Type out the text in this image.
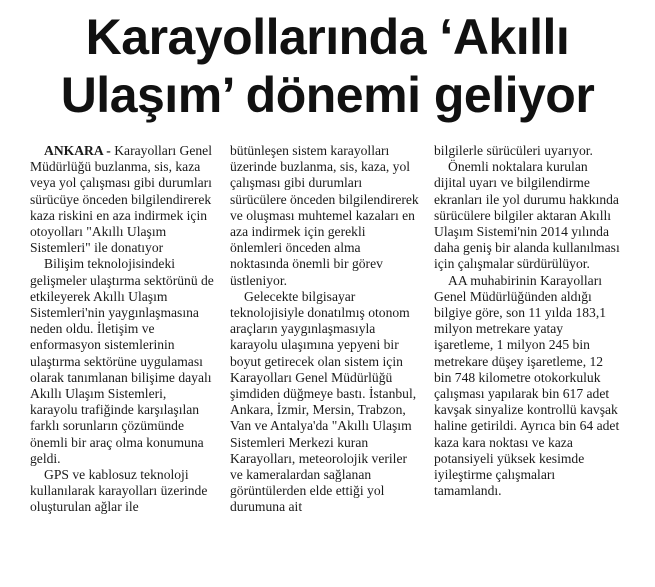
Karayollarında ‘Akıllı Ulaşım’ dönemi geliyor

ANKARA - Karayolları Genel Müdürlüğü buzlanma, sis, kaza veya yol çalışması gibi durumları sürücüye önceden bilgilendirerek kaza riskini en aza indirmek için otoyolları "Akıllı Ulaşım Sistemleri" ile donatıyor

Bilişim teknolojisindeki gelişmeler ulaştırma sektörünü de etkileyerek Akıllı Ulaşım Sistemleri'nin yaygınlaşmasına neden oldu. İletişim ve enformasyon sistemlerinin ulaştırma sektörüne uygulaması olarak tanımlanan bilişime dayalı Akıllı Ulaşım Sistemleri, karayolu trafiğinde karşılaşılan farklı sorunların çözümünde önemli bir araç olma konumuna geldi.

GPS ve kablosuz teknoloji kullanılarak karayolları üzerinde oluşturulan ağlar ile

bütünleşen sistem karayolları üzerinde buzlanma, sis, kaza, yol çalışması gibi durumları sürücülere önceden bilgilendirerek ve oluşması muhtemel kazaları en aza indirmek için gerekli önlemleri önceden alma noktasında önemli bir görev üstleniyor.

Gelecekte bilgisayar teknolojisiyle donatılmış otonom araçların yaygınlaşmasıyla karayolu ulaşımına yepyeni bir boyut getirecek olan sistem için Karayolları Genel Müdürlüğü şimdiden düğmeye bastı. İstanbul, Ankara, İzmir, Mersin, Trabzon, Van ve Antalya'da "Akıllı Ulaşım Sistemleri Merkezi kuran Karayolları, meteorolojik veriler ve kameralardan sağlanan görüntülerden elde ettiği yol durumuna ait

bilgilerle sürücüleri uyarıyor.

Önemli noktalara kurulan dijital uyarı ve bilgilendirme ekranları ile yol durumu hakkında sürücülere bilgiler aktaran Akıllı Ulaşım Sistemi'nin 2014 yılında daha geniş bir alanda kullanılması için çalışmalar sürdürülüyor.

AA muhabirinin Karayolları Genel Müdürlüğünden aldığı bilgiye göre, son 11 yılda 183,1 milyon metrekare yatay işaretleme, 1 milyon 245 bin metrekare düşey işaretleme, 12 bin 748 kilometre otokorkuluk çalışması yapılarak bin 617 adet kavşak sinyalize kontrollü kavşak haline getirildi. Ayrıca bin 64 adet kaza kara noktası ve kaza potansiyeli yüksek kesimde iyileştirme çalışmaları tamamlandı.
